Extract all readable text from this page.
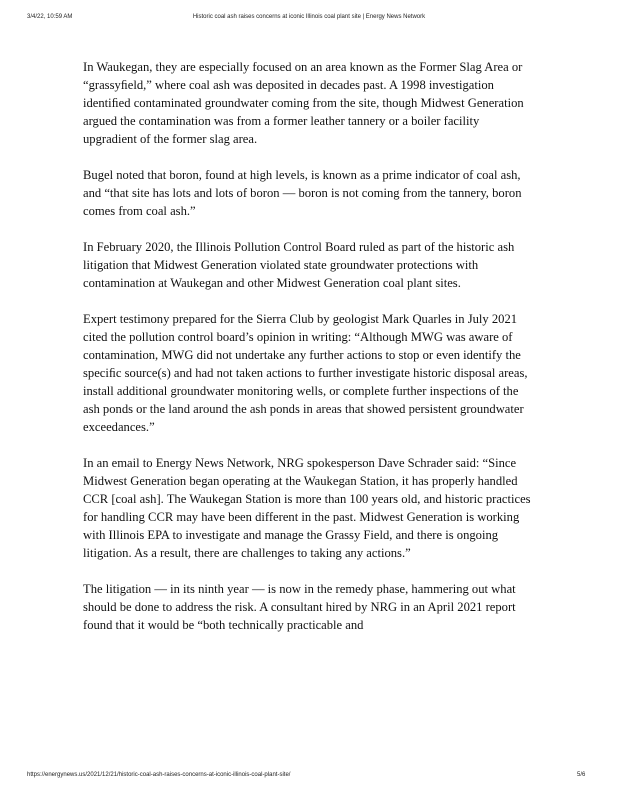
3/4/22, 10:59 AM	Historic coal ash raises concerns at iconic Illinois coal plant site | Energy News Network

In Waukegan, they are especially focused on an area known as the Former Slag Area or “grassyﬁeld,” where coal ash was deposited in decades past. A 1998 investigation identiﬁed contaminated groundwater coming from the site, though Midwest Generation argued the contamination was from a former leather tannery or a boiler facility upgradient of the former slag area.

Bugel noted that boron, found at high levels, is known as a prime indicator of coal ash, and “that site has lots and lots of boron — boron is not coming from the tannery, boron comes from coal ash.”

In February 2020, the Illinois Pollution Control Board ruled as part of the historic ash litigation that Midwest Generation violated state groundwater protections with contamination at Waukegan and other Midwest Generation coal plant sites.

Expert testimony prepared for the Sierra Club by geologist Mark Quarles in July 2021 cited the pollution control board’s opinion in writing: “Although MWG was aware of contamination, MWG did not undertake any further actions to stop or even identify the speciﬁc source(s) and had not taken actions to further investigate historic disposal areas, install additional groundwater monitoring wells, or complete further inspections of the ash ponds or the land around the ash ponds in areas that showed persistent groundwater exceedances.”

In an email to Energy News Network, NRG spokesperson Dave Schrader said: “Since Midwest Generation began operating at the Waukegan Station, it has properly handled CCR [coal ash]. The Waukegan Station is more than 100 years old, and historic practices for handling CCR may have been different in the past. Midwest Generation is working with Illinois EPA to investigate and manage the Grassy Field, and there is ongoing litigation. As a result, there are challenges to taking any actions.”

The litigation — in its ninth year — is now in the remedy phase, hammering out what should be done to address the risk. A consultant hired by NRG in an April 2021 report found that it would be “both technically practicable and

https://energynews.us/2021/12/21/historic-coal-ash-raises-concerns-at-iconic-illinois-coal-plant-site/	5/6
